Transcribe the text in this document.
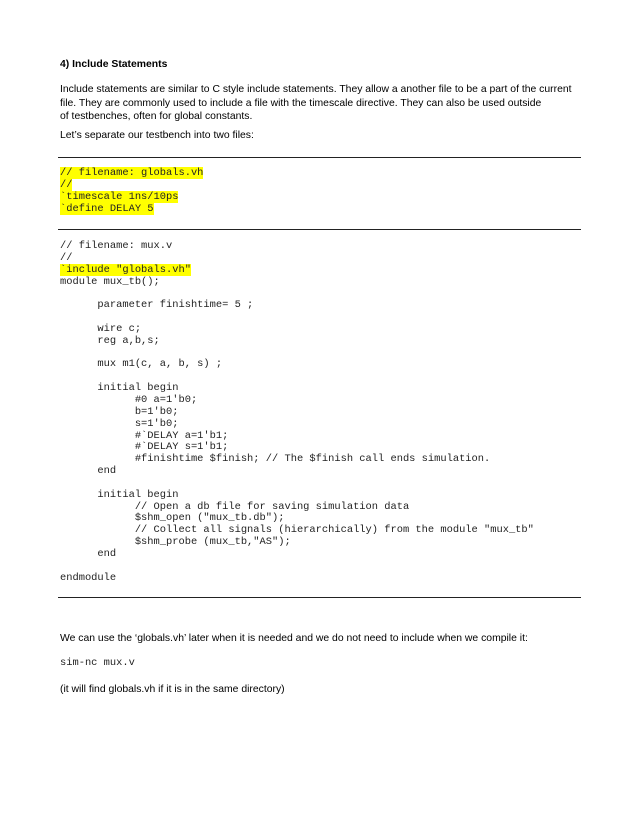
4) Include Statements
Include statements are similar to C style include statements. They allow a another file to be a part of the current
file. They are commonly used to include a file with the timescale directive. They can also be used outside
of testbenches, often for global constants.
Let’s separate our testbench into two files:
// filename: globals.vh
//
`timescale 1ns/10ps
`define DELAY 5
// filename: mux.v
//
`include "globals.vh"
module mux_tb();
parameter finishtime= 5 ;
wire c;
reg a,b,s;
mux m1(c, a, b, s) ;
initial begin
#0 a=1'b0;
b=1'b0;
s=1'b0;
#`DELAY a=1'b1;
#`DELAY s=1'b1;
#finishtime $finish; // The $finish call ends simulation.
end
initial begin
// Open a db file for saving simulation data
$shm_open ("mux_tb.db");
// Collect all signals (hierarchically) from the module "mux_tb"
$shm_probe (mux_tb,"AS");
end
endmodule
We can use the ‘globals.vh’ later when it is needed and we do not need to include when we compile it:
sim-nc mux.v
(it will find globals.vh if it is in the same directory)
